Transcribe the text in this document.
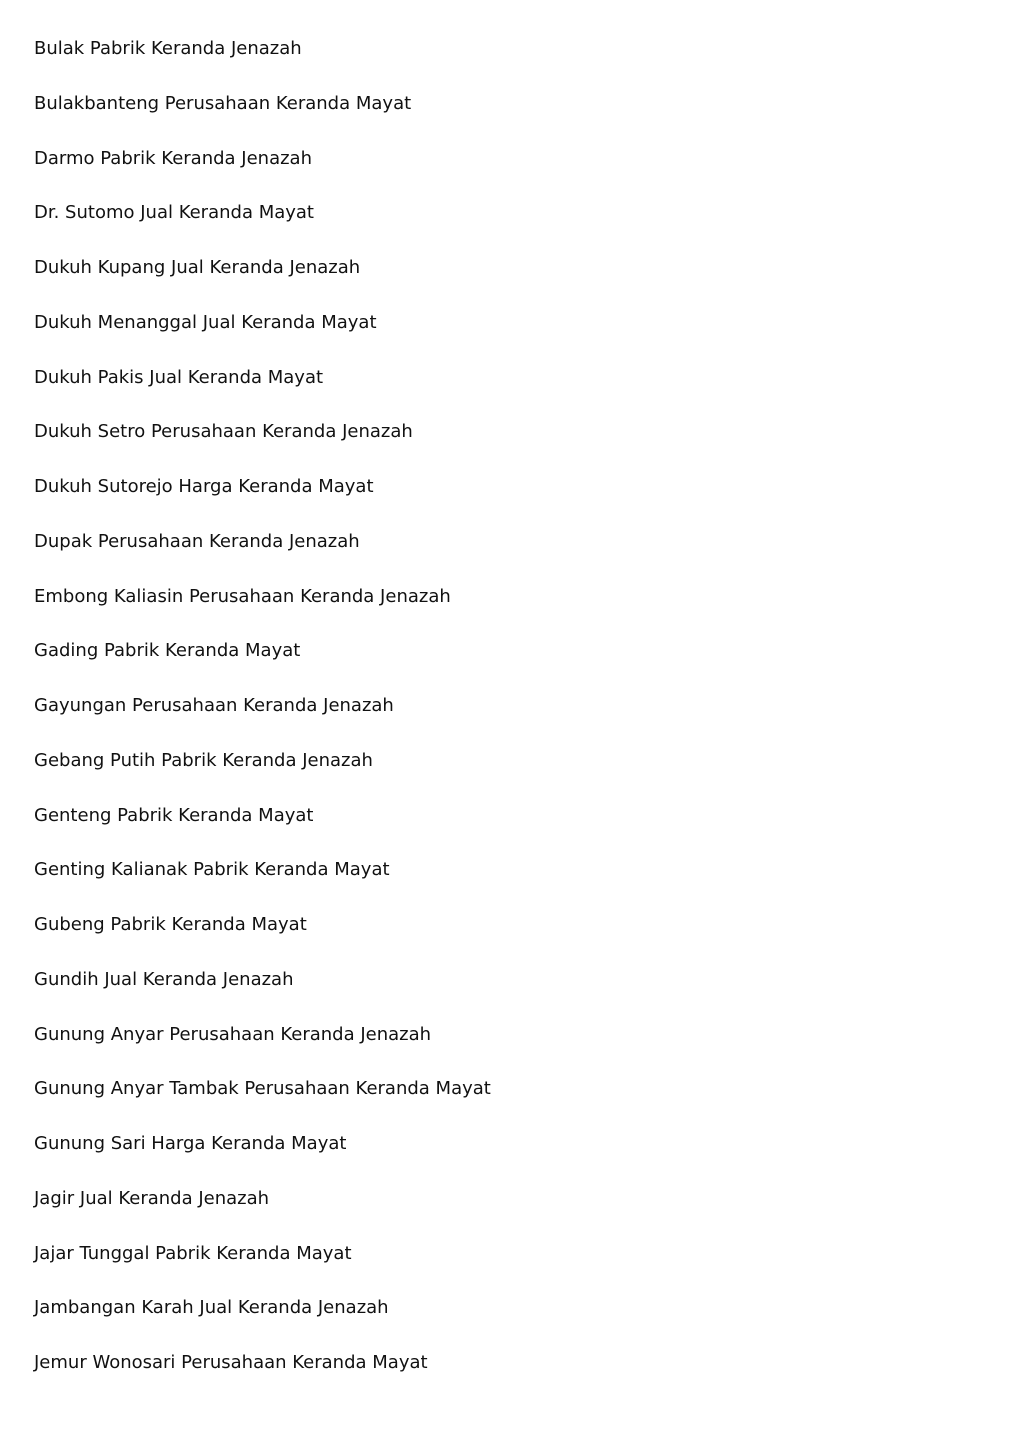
Bulak Pabrik Keranda Jenazah
Bulakbanteng Perusahaan Keranda Mayat
Darmo Pabrik Keranda Jenazah
Dr. Sutomo Jual Keranda Mayat
Dukuh Kupang Jual Keranda Jenazah
Dukuh Menanggal Jual Keranda Mayat
Dukuh Pakis Jual Keranda Mayat
Dukuh Setro Perusahaan Keranda Jenazah
Dukuh Sutorejo Harga Keranda Mayat
Dupak Perusahaan Keranda Jenazah
Embong Kaliasin Perusahaan Keranda Jenazah
Gading Pabrik Keranda Mayat
Gayungan Perusahaan Keranda Jenazah
Gebang Putih Pabrik Keranda Jenazah
Genteng Pabrik Keranda Mayat
Genting Kalianak Pabrik Keranda Mayat
Gubeng Pabrik Keranda Mayat
Gundih Jual Keranda Jenazah
Gunung Anyar Perusahaan Keranda Jenazah
Gunung Anyar Tambak Perusahaan Keranda Mayat
Gunung Sari Harga Keranda Mayat
Jagir Jual Keranda Jenazah
Jajar Tunggal Pabrik Keranda Mayat
Jambangan Karah Jual Keranda Jenazah
Jemur Wonosari Perusahaan Keranda Mayat
